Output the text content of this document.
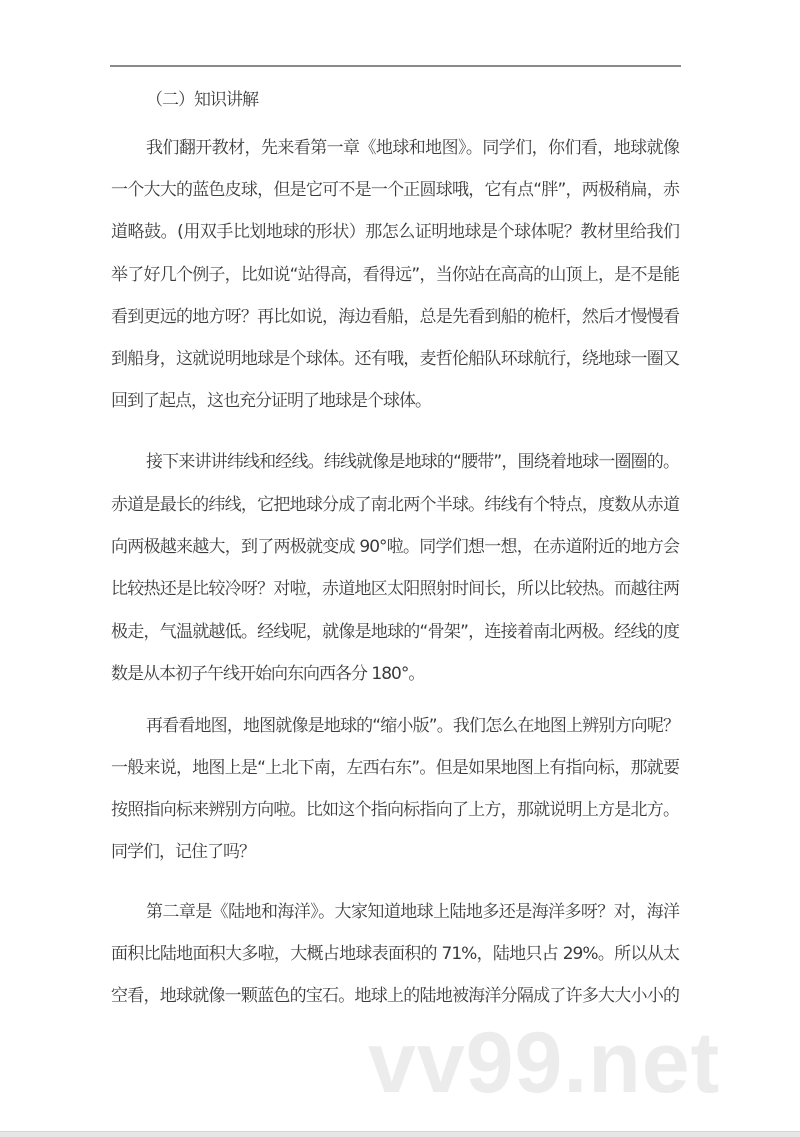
（二）知识讲解
我们翻开教材，先来看第一章《地球和地图》。同学们，你们看，地球就像
一个大大的蓝色皮球，但是它可不是一个正圆球哦，它有点“胖”，两极稍扁，赤
道略鼓。(用双手比划地球的形状）那怎么证明地球是个球体呢？教材里给我们
举了好几个例子，比如说“站得高，看得远”，当你站在高高的山顶上，是不是能
看到更远的地方呀？再比如说，海边看船，总是先看到船的桅杆，然后才慢慢看
到船身，这就说明地球是个球体。还有哦，麦哲伦船队环球航行，绕地球一圈又
回到了起点，这也充分证明了地球是个球体。
接下来讲讲纬线和经线。纬线就像是地球的“腰带”，围绕着地球一圈圈的。
赤道是最长的纬线，它把地球分成了南北两个半球。纬线有个特点，度数从赤道
向两极越来越大，到了两极就变成 90°啦。同学们想一想，在赤道附近的地方会
比较热还是比较冷呀？对啦，赤道地区太阳照射时间长，所以比较热。而越往两
极走，气温就越低。经线呢，就像是地球的“骨架”，连接着南北两极。经线的度
数是从本初子午线开始向东向西各分 180°。
再看看地图，地图就像是地球的“缩小版”。我们怎么在地图上辨别方向呢？
一般来说，地图上是“上北下南，左西右东”。但是如果地图上有指向标，那就要
按照指向标来辨别方向啦。比如这个指向标指向了上方，那就说明上方是北方。
同学们，记住了吗？
第二章是《陆地和海洋》。大家知道地球上陆地多还是海洋多呀？对，海洋
面积比陆地面积大多啦，大概占地球表面积的 71%，陆地只占 29%。所以从太
空看，地球就像一颗蓝色的宝石。地球上的陆地被海洋分隔成了许多大大小小的
vv99.net
